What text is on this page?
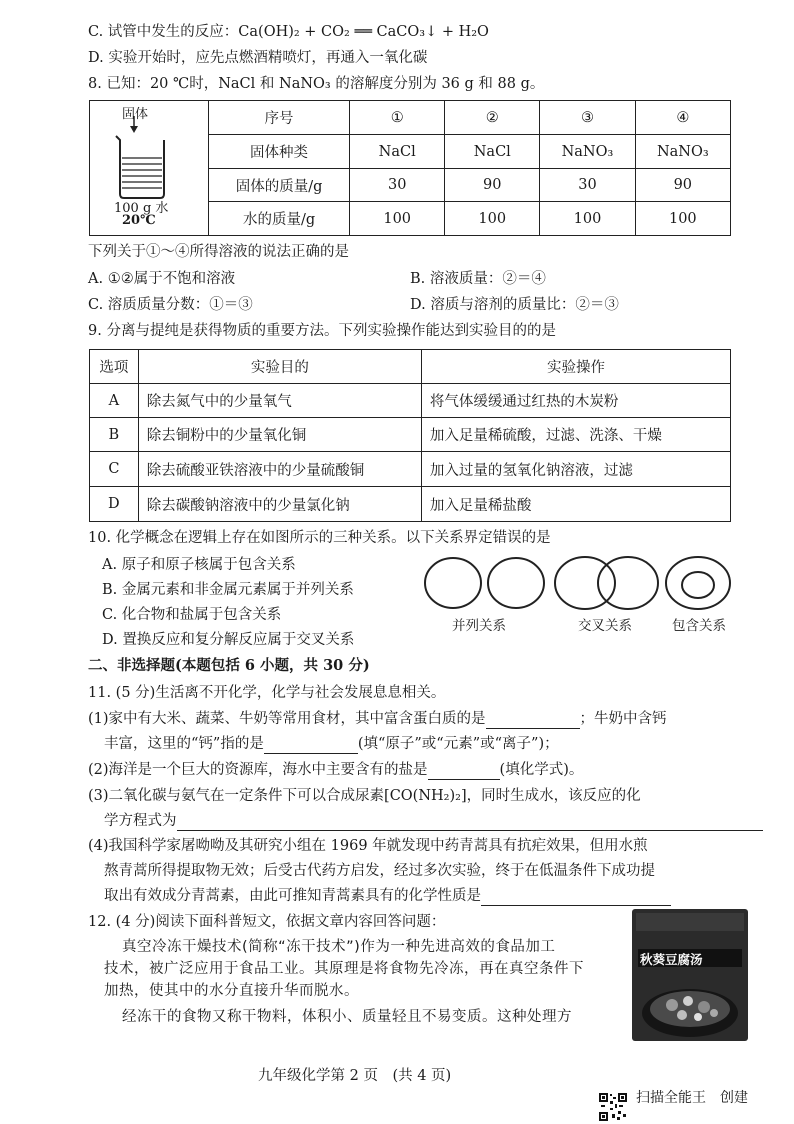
C. 试管中发生的反应：Ca(OH)₂ + CO₂ ══ CaCO₃↓ + H₂O
D. 实验开始时，应先点燃酒精喷灯，再通入一氧化碳
8. 已知：20 ℃时，NaCl 和 NaNO₃ 的溶解度分别为 36 g 和 88 g。
固体
100 g 水
20℃	序号	①	②	③	④
	固体种类	NaCl	NaCl	NaNO₃	NaNO₃
	固体的质量/g	30	90	30	90
	水的质量/g	100	100	100	100
下列关于①～④所得溶液的说法正确的是
A. ①②属于不饱和溶液	B. 溶液质量：②＝④
C. 溶质质量分数：①＝③	D. 溶质与溶剂的质量比：②＝③
9. 分离与提纯是获得物质的重要方法。下列实验操作能达到实验目的的是
选项	实验目的	实验操作
A	除去氮气中的少量氧气	将气体缓缓通过红热的木炭粉
B	除去铜粉中的少量氧化铜	加入足量稀硫酸，过滤、洗涤、干燥
C	除去硫酸亚铁溶液中的少量硫酸铜	加入过量的氢氧化钠溶液，过滤
D	除去碳酸钠溶液中的少量氯化钠	加入足量稀盐酸
10. 化学概念在逻辑上存在如图所示的三种关系。以下关系界定错误的是
A. 原子和原子核属于包含关系
B. 金属元素和非金属元素属于并列关系
C. 化合物和盐属于包含关系
D. 置换反应和复分解反应属于交叉关系
并列关系	交叉关系	包含关系
二、非选择题(本题包括 6 小题，共 30 分)
11. (5 分)生活离不开化学，化学与社会发展息息相关。
(1)家中有大米、蔬菜、牛奶等常用食材，其中富含蛋白质的是	；牛奶中含钙
丰富，这里的“钙”指的是	(填“原子”或“元素”或“离子”)；
(2)海洋是一个巨大的资源库，海水中主要含有的盐是	(填化学式)。
(3)二氧化碳与氨气在一定条件下可以合成尿素[CO(NH₂)₂]，同时生成水，该反应的化
学方程式为
(4)我国科学家屠呦呦及其研究小组在 1969 年就发现中药青蒿具有抗疟效果，但用水煎
熬青蒿所得提取物无效；后受古代药方启发，经过多次实验，终于在低温条件下成功提
取出有效成分青蒿素，由此可推知青蒿素具有的化学性质是
12. (4 分)阅读下面科普短文，依据文章内容回答问题：
真空冷冻干燥技术(简称“冻干技术”)作为一种先进高效的食品加工
技术，被广泛应用于食品工业。其原理是将食物先冷冻，再在真空条件下
加热，使其中的水分直接升华而脱水。
经冻干的食物又称干物料，体积小、质量轻且不易变质。这种处理方
秋葵豆腐汤
九年级化学第 2 页　(共 4 页)
扫描全能王　创建
